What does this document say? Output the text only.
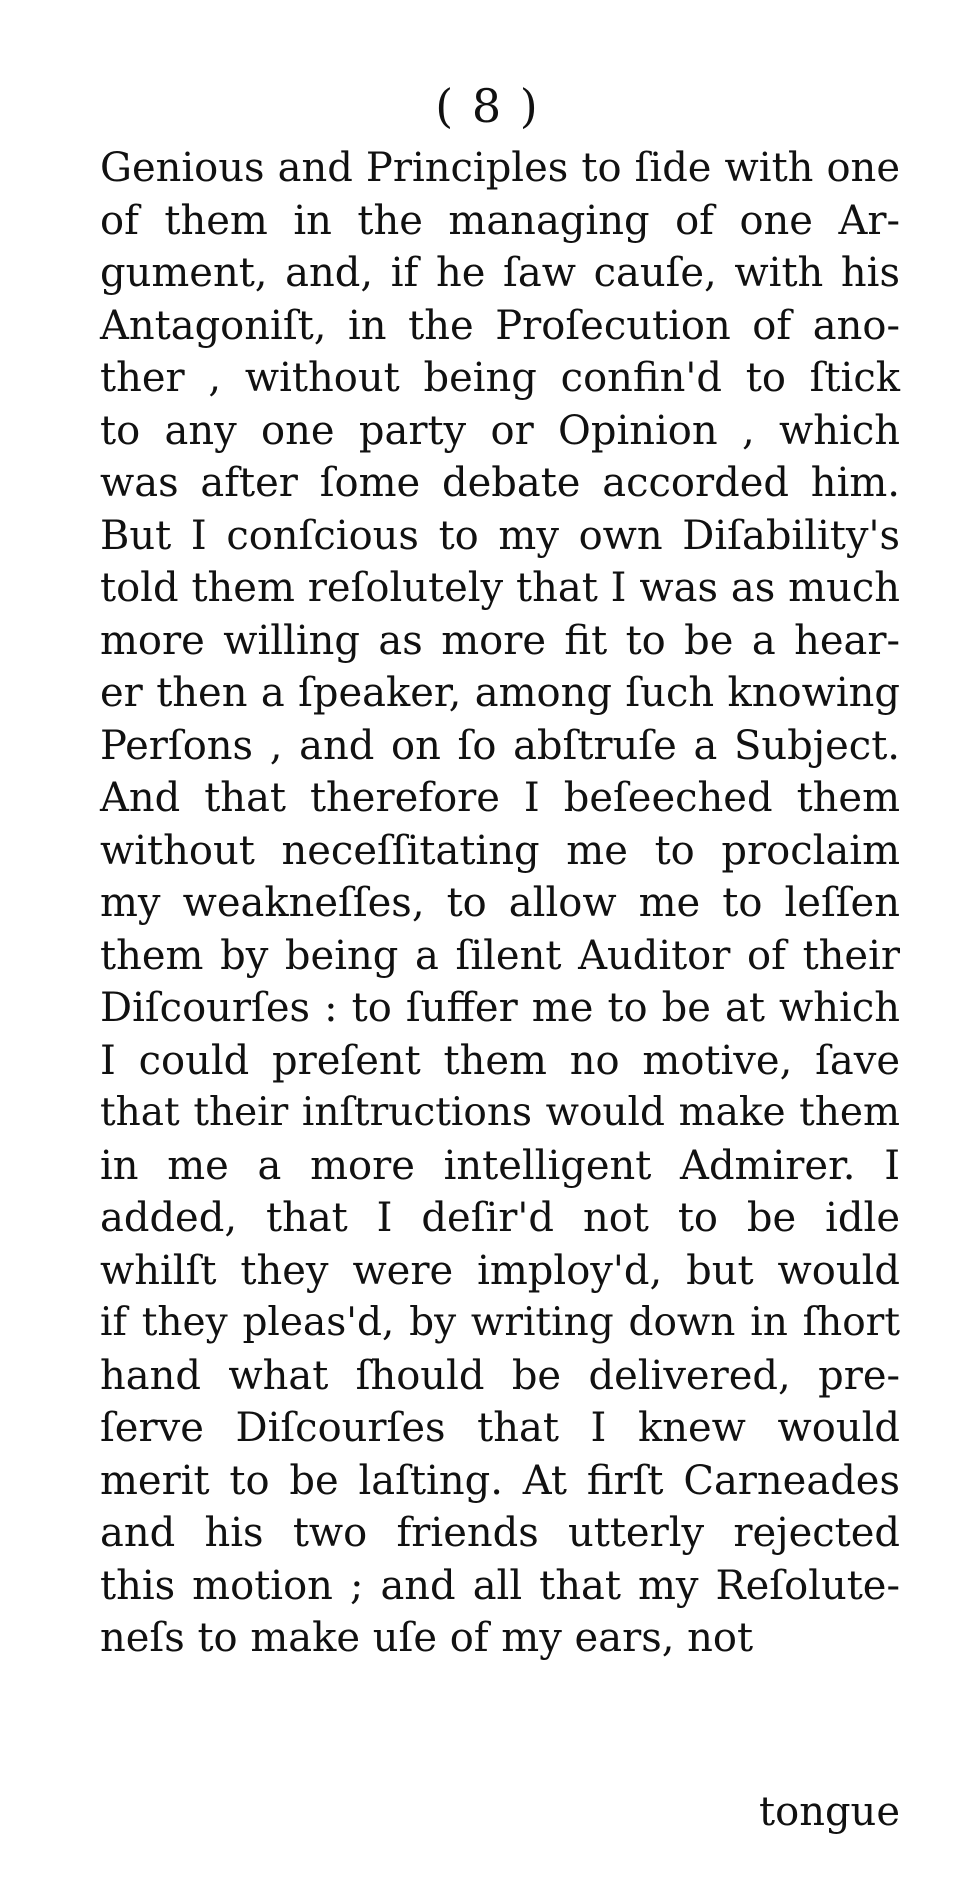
( 8 )
Genious and Principles to ſide with one
of them in the managing of one Ar-
gument, and, if he ſaw cauſe, with his
Antagoniſt, in the Proſecution of ano-
ther , without being confin'd to ſtick
to any one party or Opinion , which
was after ſome debate accorded him.
But I conſcious to my own Diſability's
told them reſolutely that I was as much
more willing as more fit to be a hear-
er then a ſpeaker, among ſuch knowing
Perſons , and on ſo abſtruſe a Subject.
And that therefore I beſeeched them
without neceſſitating me to proclaim
my weakneſſes, to allow me to leſſen
them by being a ſilent Auditor of their
Diſcourſes : to ſuffer me to be at which
I could preſent them no motive, ſave
that their inſtructions would make them
in me a more intelligent Admirer. I
added, that I deſir'd not to be idle
whilſt they were imploy'd, but would
if they pleas'd, by writing down in ſhort
hand what ſhould be delivered, pre-
ſerve Diſcourſes that I knew would
merit to be laſting. At firſt Carneades
and his two friends utterly rejected
this motion ; and all that my Reſolute-
neſs to make uſe of my ears, not
tongue
